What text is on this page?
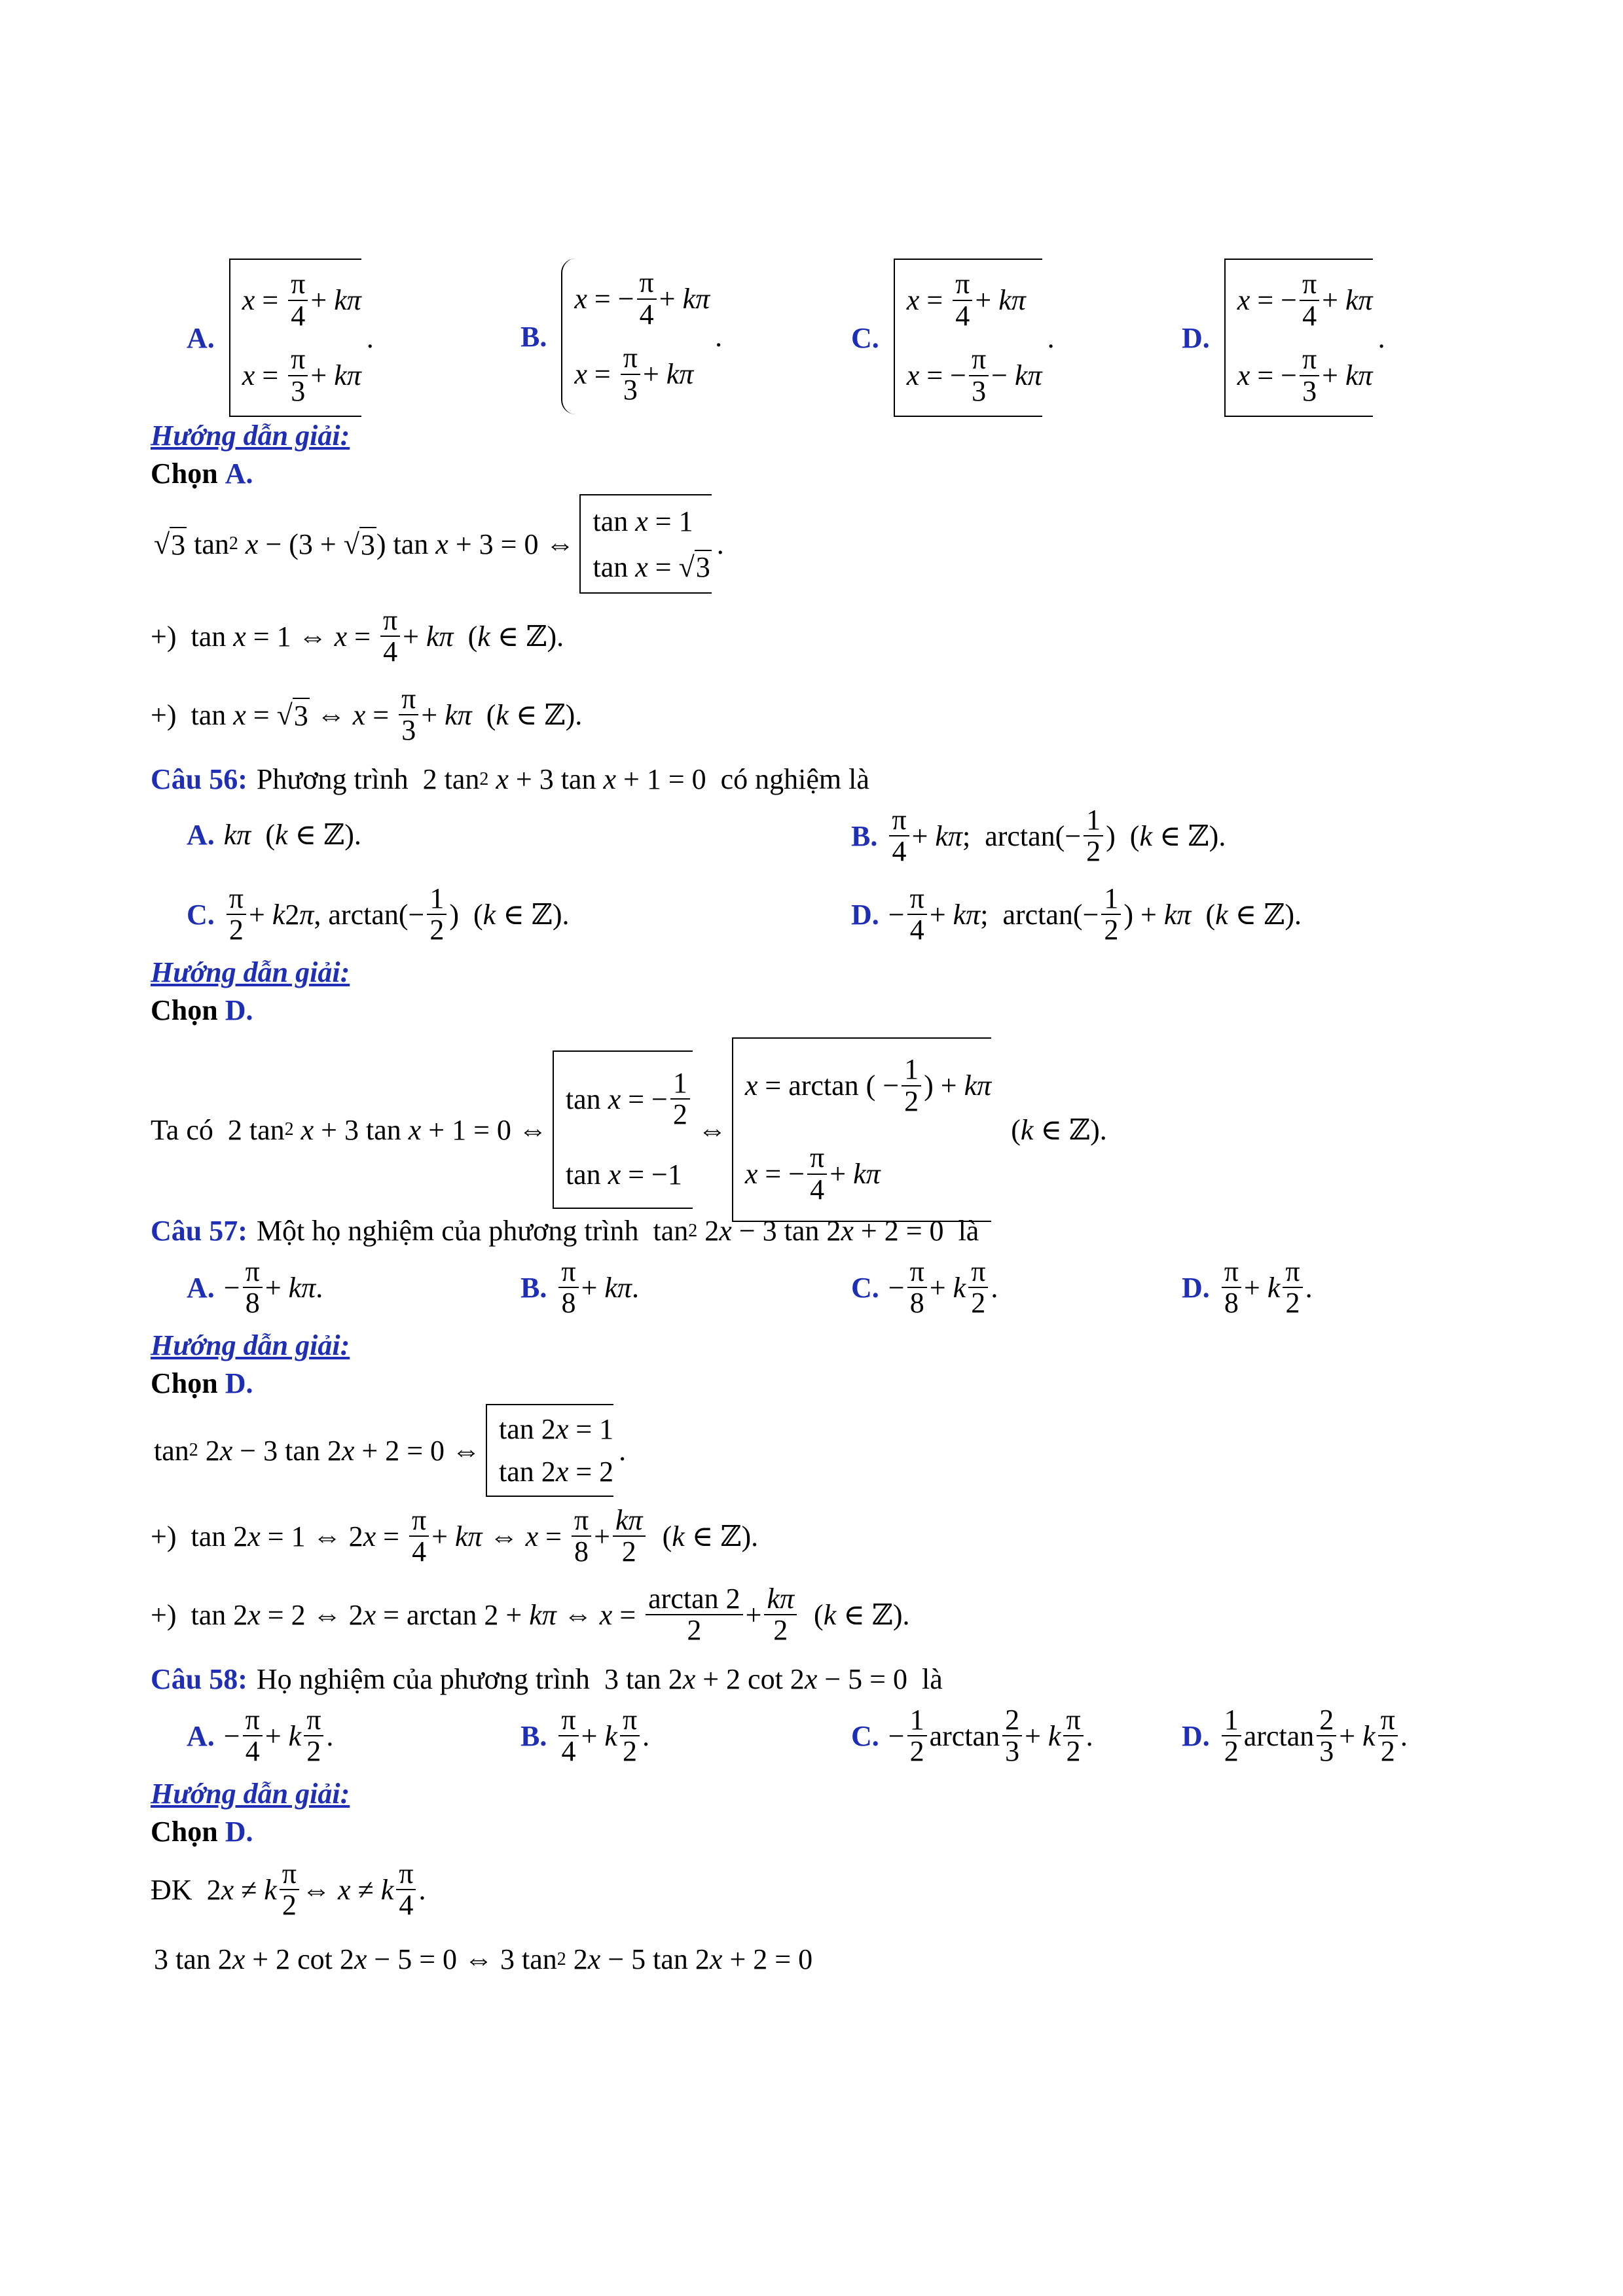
A.
$x = \frac{\pi}{4} + k\pi$
$x = \frac{\pi}{3} + k\pi$
.	B.
x = − $\frac{\pi}{4} + k\pi$
$x = \frac{\pi}{3} + k\pi$
.	C.
$x = \frac{\pi}{4} + k\pi$
x = − $\frac{\pi}{3} - k\pi$
.	D.
x = − $\frac{\pi}{4} + k\pi$
x = − $\frac{\pi}{3} + k\pi$
.
Hướng dẫn giải:
Chọn A.
√ 3 tan 2
x − (3 + √ 3 ) tan x + 3 = 0 ⇔
tan x = 1
tan x = √3
.
+)  tan x = 1 ⇔ $x = \frac{\pi}{4} + k\pi$ ( k ∈ ℤ).
+)  tan x = √ 3 ⇔ $x = \frac{\pi}{3} + k\pi$ ( k ∈ ℤ).
Câu 56: Phương trình 2 tan 2
x + 3 tan x + 1 = 0 có nghiệm là
A. kπ ( k ∈ ℤ).	B. $\frac{\pi}{4} + k\pi$ ;  $\arctan(- \frac{1}{2}$ )  ( k ∈ ℤ).
C. $\frac{\pi}{2} + k$ 2 π , $\arctan(- \frac{1}{2}$ )  ( k ∈ ℤ).	D. − $\frac{\pi}{4} + k\pi$ ;  $\arctan(- \frac{1}{2}$ ) + kπ ( k ∈ ℤ).
Hướng dẫn giải:
Chọn D.
Ta có 2 tan 2
x + 3 tan x + 1 = 0 ⇔
tan x = − $\frac{1}{2}$
tan x = −1
⇔
x = arctan ( − $\frac{1}{2}$ ) + kπ
x = − $\frac{\pi}{4} + k\pi$
( k ∈ ℤ).
Câu 57: Một họ nghiệm của phương trình tan 2 2 x − 3 tan 2 x + 2 = 0 là
A. − $\frac{\pi}{8} + k\pi$ .	B. $\frac{\pi}{8} + k\pi$ .	C. − $\frac{\pi}{8} + k \frac{\pi}{2}$ .	D. $\frac{\pi}{8} + k \frac{\pi}{2}$ .
Hướng dẫn giải:
Chọn D.
tan 2 2 x − 3 tan 2 x + 2 = 0 ⇔
tan 2x = 1
tan 2x = 2
.
+)  tan 2 x = 1 ⇔ 2 $x = \frac{\pi}{4} + k\pi$ ⇔ $x = \frac{\pi}{8} + \frac{k\pi}{2}$ ( k ∈ ℤ).
+)  tan 2 x = 2 ⇔ 2 x = arctan 2 + kπ ⇔ $x = \frac{\arctan 2}{2} + \frac{k\pi}{2}$ ( k ∈ ℤ).
Câu 58: Họ nghiệm của phương trình 3 tan 2 x + 2 cot 2 x − 5 = 0 là
A. − $\frac{\pi}{4} + k \frac{\pi}{2}$ .	B. $\frac{\pi}{4} + k \frac{\pi}{2}$ .	C. − $\frac{1}{2}$ $\arctan \frac{2}{3} + k \frac{\pi}{2}$ .	D. $\frac{1}{2}$ $\arctan \frac{2}{3} + k \frac{\pi}{2}$ .
Hướng dẫn giải:
Chọn D.
ĐK 2 x ≠ k $\frac{\pi}{2}$ ⇔ x ≠ k $\frac{\pi}{4}$ .
3 tan 2 x + 2 cot 2 x − 5 = 0 ⇔ 3 tan 2 2 x − 5 tan 2 x + 2 = 0
